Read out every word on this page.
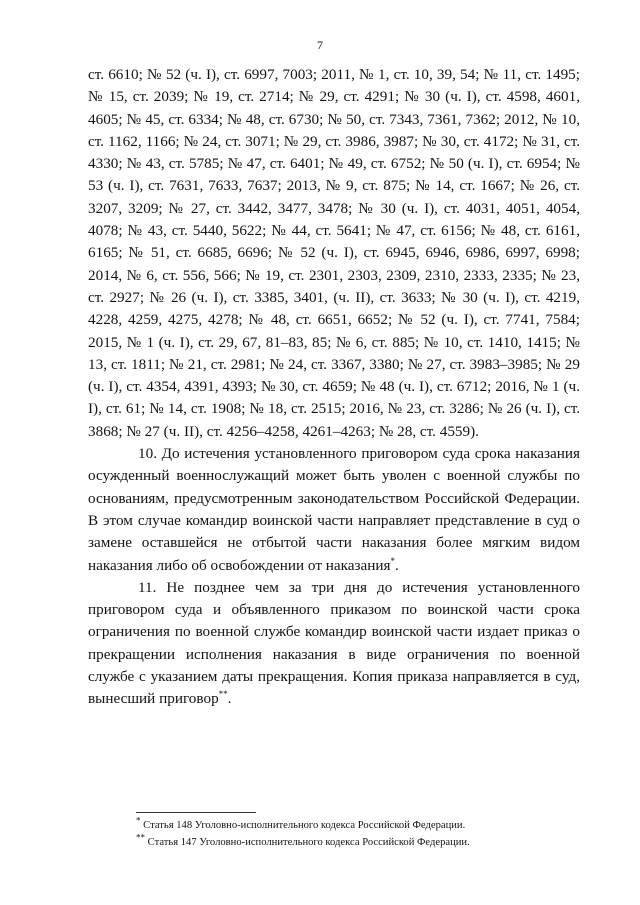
7

ст. 6610; № 52 (ч. I), ст. 6997, 7003; 2011, № 1, ст. 10, 39, 54; № 11, ст. 1495; № 15, ст. 2039; № 19, ст. 2714; № 29, ст. 4291; № 30 (ч. I), ст. 4598, 4601, 4605; № 45, ст. 6334; № 48, ст. 6730; № 50, ст. 7343, 7361, 7362; 2012, № 10, ст. 1162, 1166; № 24, ст. 3071; № 29, ст. 3986, 3987; № 30, ст. 4172; № 31, ст. 4330; № 43, ст. 5785; № 47, ст. 6401; № 49, ст. 6752; № 50 (ч. I), ст. 6954; № 53 (ч. I), ст. 7631, 7633, 7637; 2013, № 9, ст. 875; № 14, ст. 1667; № 26, ст. 3207, 3209; № 27, ст. 3442, 3477, 3478; № 30 (ч. I), ст. 4031, 4051, 4054, 4078; № 43, ст. 5440, 5622; № 44, ст. 5641; № 47, ст. 6156; № 48, ст. 6161, 6165; № 51, ст. 6685, 6696; № 52 (ч. I), ст. 6945, 6946, 6986, 6997, 6998; 2014, № 6, ст. 556, 566; № 19, ст. 2301, 2303, 2309, 2310, 2333, 2335; № 23, ст. 2927; № 26 (ч. I), ст. 3385, 3401, (ч. II), ст. 3633; № 30 (ч. I), ст. 4219, 4228, 4259, 4275, 4278; № 48, ст. 6651, 6652; № 52 (ч. I), ст. 7741, 7584; 2015, № 1 (ч. I), ст. 29, 67, 81–83, 85; № 6, ст. 885; № 10, ст. 1410, 1415; № 13, ст. 1811; № 21, ст. 2981; № 24, ст. 3367, 3380; № 27, ст. 3983–3985; № 29 (ч. I), ст. 4354, 4391, 4393; № 30, ст. 4659; № 48 (ч. I), ст. 6712; 2016, № 1 (ч. I), ст. 61; № 14, ст. 1908; № 18, ст. 2515; 2016, № 23, ст. 3286; № 26 (ч. I), ст. 3868; № 27 (ч. II), ст. 4256–4258, 4261–4263; № 28, ст. 4559).

10. До истечения установленного приговором суда срока наказания осужденный военнослужащий может быть уволен с военной службы по основаниям, предусмотренным законодательством Российской Федерации. В этом случае командир воинской части направляет представление в суд о замене оставшейся не отбытой части наказания более мягким видом наказания либо об освобождении от наказания*.

11. Не позднее чем за три дня до истечения установленного приговором суда и объявленного приказом по воинской части срока ограничения по военной службе командир воинской части издает приказ о прекращении исполнения наказания в виде ограничения по военной службе с указанием даты прекращения. Копия приказа направляется в суд, вынесший приговор**.

* Статья 148 Уголовно-исполнительного кодекса Российской Федерации.
** Статья 147 Уголовно-исполнительного кодекса Российской Федерации.
